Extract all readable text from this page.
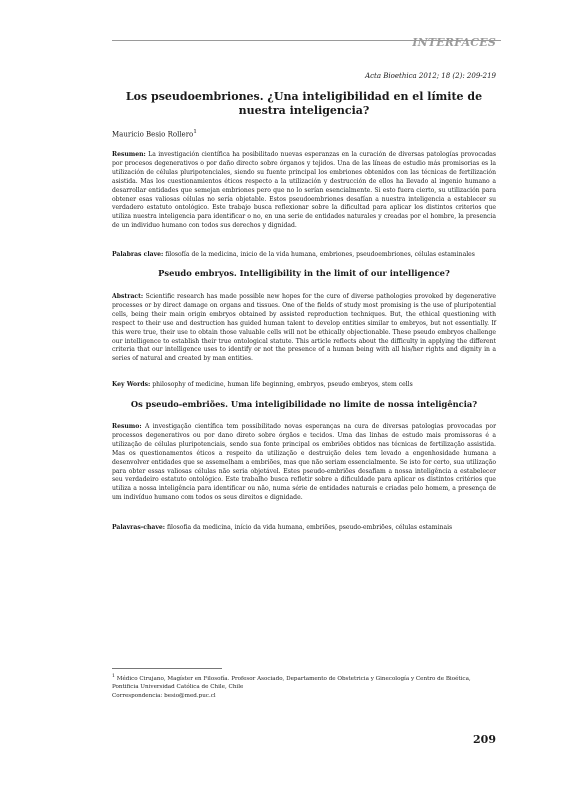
INTERFACES
Acta Bioethica 2012; 18 (2): 209-219
Los pseudoembriones. ¿Una inteligibilidad en el límite de nuestra inteligencia?
Mauricio Besio Rollero$^1$
Resumen: La investigación científica ha posibilitado nuevas esperanzas en la curación de diversas patologías provocadas por procesos degenerativos o por daño directo sobre órganos y tejidos. Una de las líneas de estudio más promisorias es la utilización de células pluripotenciales, siendo su fuente principal los embriones obtenidos con las técnicas de fertilización asistida. Mas los cuestionamientos éticos respecto a la utilización y destrucción de ellos ha llevado al ingenio humano a desarrollar entidades que semejan embriones pero que no lo serían esencialmente. Si esto fuera cierto, su utilización para obtener esas valiosas células no sería objetable. Estos pseudoembriones desafían a nuestra inteligencia a establecer su verdadero estatuto ontológico. Este trabajo busca reflexionar sobre la dificultad para aplicar los distintos criterios que utiliza nuestra inteligencia para identificar o no, en una serie de entidades naturales y creadas por el hombre, la presencia de un individuo humano con todos sus derechos y dignidad.
Palabras clave: filosofía de la medicina, inicio de la vida humana, embriones, pseudoembriones, células estaminales
Pseudo embryos. Intelligibility in the limit of our intelligence?
Abstract: Scientific research has made possible new hopes for the cure of diverse pathologies provoked by degenerative processes or by direct damage on organs and tissues. One of the fields of study most promising is the use of pluripotential cells, being their main origin embryos obtained by assisted reproduction techniques. But, the ethical questioning with respect to their use and destruction has guided human talent to develop entities similar to embryos, but not essentially. If this were true, their use to obtain those valuable cells will not be ethically objectionable. These pseudo embryos challenge our intelligence to establish their true ontological statute. This article reflects about the difficulty in applying the different criteria that our intelligence uses to identify or not the presence of a human being with all his/her rights and dignity in a series of natural and created by man entities.
Key Words: philosophy of medicine, human life beginning, embryos, pseudo embryos, stem cells
Os pseudo-embriões. Uma inteligibilidade no limite de nossa inteligência?
Resumo: A investigação científica tem possibilitado novas esperanças na cura de diversas patologias provocadas por processos degenerativos ou por dano direto sobre órgãos e tecidos. Uma das linhas de estudo mais promissoras é a utilização de células pluripotenciais, sendo sua fonte principal os embriões obtidos nas técnicas de fertilização assistida. Mas os questionamentos éticos a respeito da utilização e destruição deles tem levado a engenhosidade humana a desenvolver entidades que se assemelham a embriões, mas que não seriam essencialmente. Se isto for certo, sua utilização para obter essas valiosas células não seria objetável. Estes pseudo-embriões desafiam a nossa inteligência a estabelecer seu verdadeiro estatuto ontológico. Este trabalho busca refletir sobre a dificuldade para aplicar os distintos critérios que utiliza a nossa inteligência para identificar ou não, numa série de entidades naturais e criadas pelo homem, a presença de um indivíduo humano com todos os seus direitos e dignidade.
Palavras-chave: filosofia da medicina, início da vida humana, embriões, pseudo-embriões, células estaminais
$^1$ Médico Cirujano, Magíster en Filosofía. Profesor Asociado, Departamento de Obstetricia y Ginecología y Centro de Bioética, Pontificia Universidad Católica de Chile, Chile
Correspondencia: besio@med.puc.cl
209
